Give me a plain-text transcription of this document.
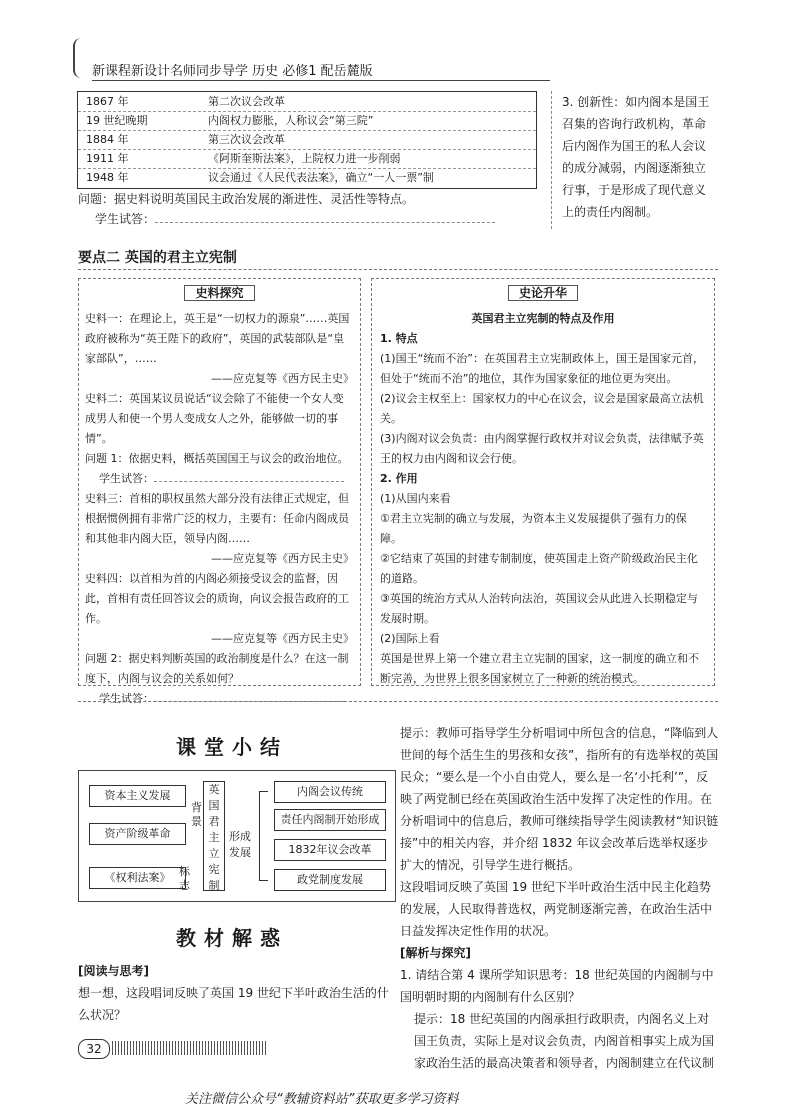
新课程新设计名师同步导学 历史 必修1 配岳麓版
1867 年	第二次议会改革
19 世纪晚期	内阁权力膨胀，人称议会“第三院”
1884 年	第三次议会改革
1911 年	《阿斯奎斯法案》，上院权力进一步削弱
1948 年	议会通过《人民代表法案》，确立“一人一票”制
问题：据史料说明英国民主政治发展的渐进性、灵活性等特点。
学生试答：
3. 创新性：如内阁本是国王召集的咨询行政机构，革命后内阁作为国王的私人会议的成分减弱，内阁逐渐独立行事，于是形成了现代意义上的责任内阁制。
要点二 英国的君主立宪制
史料探究
史料一：在理论上，英王是“一切权力的源泉”……英国政府被称为“英王陛下的政府”，英国的武装部队是“皇家部队”，……
——应克复等《西方民主史》
史料二：英国某议员说话“议会除了不能使一个女人变成男人和使一个男人变成女人之外，能够做一切的事情”。
问题 1：依据史料，概括英国国王与议会的政治地位。
学生试答：
史料三：首相的职权虽然大部分没有法律正式规定，但根据惯例拥有非常广泛的权力，主要有：任命内阁成员和其他非内阁大臣，领导内阁……
——应克复等《西方民主史》
史料四：以首相为首的内阁必须接受议会的监督，因此，首相有责任回答议会的质询，向议会报告政府的工作。
——应克复等《西方民主史》
问题 2：据史料判断英国的政治制度是什么？在这一制度下，内阁与议会的关系如何？
学生试答：
史论升华
英国君主立宪制的特点及作用
1. 特点
(1)国王“统而不治”：在英国君主立宪制政体上，国王是国家元首，但处于“统而不治”的地位，其作为国家象征的地位更为突出。
(2)议会主权至上：国家权力的中心在议会，议会是国家最高立法机关。
(3)内阁对议会负责：由内阁掌握行政权并对议会负责，法律赋予英王的权力由内阁和议会行使。
2. 作用
(1)从国内来看
①君主立宪制的确立与发展，为资本主义发展提供了强有力的保障。
②它结束了英国的封建专制制度，使英国走上资产阶级政治民主化的道路。
③英国的统治方式从人治转向法治，英国议会从此进入长期稳定与发展时期。
(2)国际上看
英国是世界上第一个建立君主立宪制的国家，这一制度的确立和不断完善，为世界上很多国家树立了一种新的统治模式。
课堂小结
资本主义发展
资产阶级革命
《权利法案》
背景
标志
英国君主立宪制
形成发展
内阁会议传统
责任内阁制开始形成
1832年议会改革
政党制度发展
教材解惑
[阅读与思考]
想一想，这段唱词反映了英国 19 世纪下半叶政治生活的什么状况？
提示：教师可指导学生分析唱词中所包含的信息，“降临到人世间的每个活生生的男孩和女孩”，指所有的有选举权的英国民众；“要么是一个小自由党人，要么是一名‘小托利’”，反映了两党制已经在英国政治生活中发挥了决定性的作用。在分析唱词中的信息后，教师可继续指导学生阅读教材“知识链接”中的相关内容，并介绍 1832 年议会改革后选举权逐步扩大的情况，引导学生进行概括。
这段唱词反映了英国 19 世纪下半叶政治生活中民主化趋势的发展，人民取得普选权，两党制逐渐完善，在政治生活中日益发挥决定性作用的状况。
[解析与探究]
1. 请结合第 4 课所学知识思考：18 世纪英国的内阁制与中国明朝时期的内阁制有什么区别？
提示：18 世纪英国的内阁承担行政职责，内阁名义上对国王负责，实际上是对议会负责，内阁首相事实上成为国家政治生活的最高决策者和领导者，内阁制建立在代议制
32
关注微信公众号“教辅资料站”获取更多学习资料
